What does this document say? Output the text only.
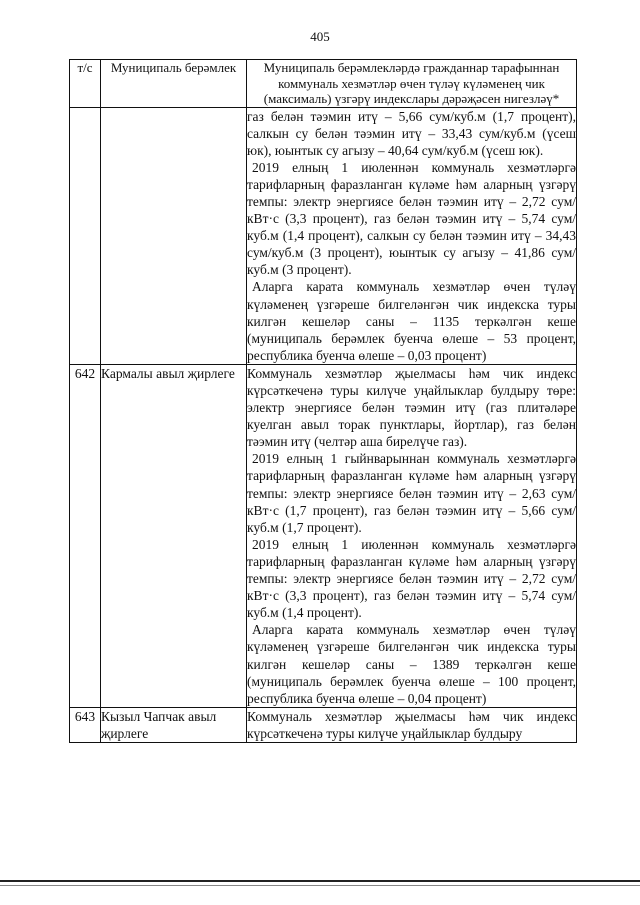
405
т/с	Муниципаль берәмлек	Муниципаль берәмлекләрдә гражданнар тарафыннан коммуналь хезмәтләр өчен түләү күләменең чик (максималь) үзгәрү индекслары дәрәҗәсен нигезләү*

		газ белән тәэмин итү – 5,66 сум/куб.м (1,7 процент), салкын су белән тәэмин итү – 33,43 сум/куб.м (үсеш юк), юынтык су агызу – 40,64 сум/куб.м (үсеш юк).

2019 елның 1 июленнән коммуналь хезмәтләргә тарифларның фаразланган күләме һәм аларның үзгәрү темпы: электр энергиясе белән тәэмин итү – 2,72 сум/кВт·с (3,3 процент), газ белән тәэмин итү – 5,74 сум/куб.м (1,4 процент), салкын су белән тәэмин итү – 34,43 сум/куб.м (3 процент), юынтык су агызу – 41,86 сум/куб.м (3 процент).

Аларга карата коммуналь хезмәтләр өчен түләү күләменең үзгәреше билгеләнгән чик индекска туры килгән кешеләр саны – 1135 теркәлгән кеше (муниципаль берәмлек буенча өлеше – 53 процент, республика буенча өлеше – 0,03 процент)

642	Кармалы авыл җирлеге	Коммуналь хезмәтләр җыелмасы һәм чик индекс күрсәткеченә туры килүче уңайлыклар булдыру төре: электр энергиясе белән тәэмин итү (газ плитәләре куелган авыл торак пунктлары, йортлар), газ белән тәэмин итү (челтәр аша бирелүче газ).

2019 елның 1 гыйнварыннан коммуналь хезмәтләргә тарифларның фаразланган күләме һәм аларның үзгәрү темпы: электр энергиясе белән тәэмин итү – 2,63 сум/кВт·с (1,7 процент), газ белән тәэмин итү – 5,66 сум/куб.м (1,7 процент).

2019 елның 1 июленнән коммуналь хезмәтләргә тарифларның фаразланган күләме һәм аларның үзгәрү темпы: электр энергиясе белән тәэмин итү – 2,72 сум/кВт·с (3,3 процент), газ белән тәэмин итү – 5,74 сум/куб.м (1,4 процент).

Аларга карата коммуналь хезмәтләр өчен түләү күләменең үзгәреше билгеләнгән чик индекска туры килгән кешеләр саны – 1389 теркәлгән кеше (муниципаль берәмлек буенча өлеше – 100 процент, республика буенча өлеше – 0,04 процент)

643	Кызыл Чапчак авыл җирлеге	Коммуналь хезмәтләр җыелмасы һәм чик индекс күрсәткеченә туры килүче уңайлыклар булдыру
